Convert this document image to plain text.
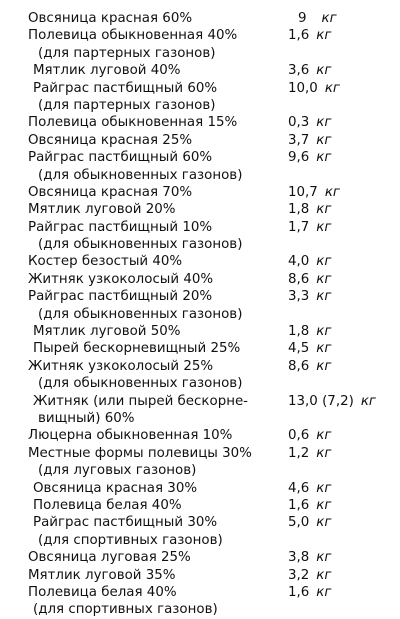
Овсяница красная 60%	9 кг
Полевица обыкновенная 40%	1,6 кг
(для партерных газонов)
Мятлик луговой 40%	3,6 кг
Райграс пастбищный 60%	10,0 кг
(для партерных газонов)
Полевица обыкновенная 15%	0,3 кг
Овсяница красная 25%	3,7 кг
Райграс пастбищный 60%	9,6 кг
(для обыкновенных газонов)
Овсяница красная 70%	10,7 кг
Мятлик луговой 20%	1,8 кг
Райграс пастбищный 10%	1,7 кг
(для обыкновенных газонов)
Костер безостый 40%	4,0 кг
Житняк узкоколосый 40%	8,6 кг
Райграс пастбищный 20%	3,3 кг
(для обыкновенных газонов)
Мятлик луговой 50%	1,8 кг
Пырей бескорневищный 25%	4,5 кг
Житняк узкоколосый 25%	8,6 кг
(для обыкновенных газонов)
Житняк (или пырей бескорне-	13,0 (7,2) кг
вищный) 60%
Люцерна обыкновенная 10%	0,6 кг
Местные формы полевицы 30%	1,2 кг
(для луговых газонов)
Овсяница красная 30%	4,6 кг
Полевица белая 40%	1,6 кг
Райграс пастбищный 30%	5,0 кг
(для спортивных газонов)
Овсяница луговая 25%	3,8 кг
Мятлик луговой 35%	3,2 кг
Полевица белая 40%	1,6 кг
(для спортивных газонов)
